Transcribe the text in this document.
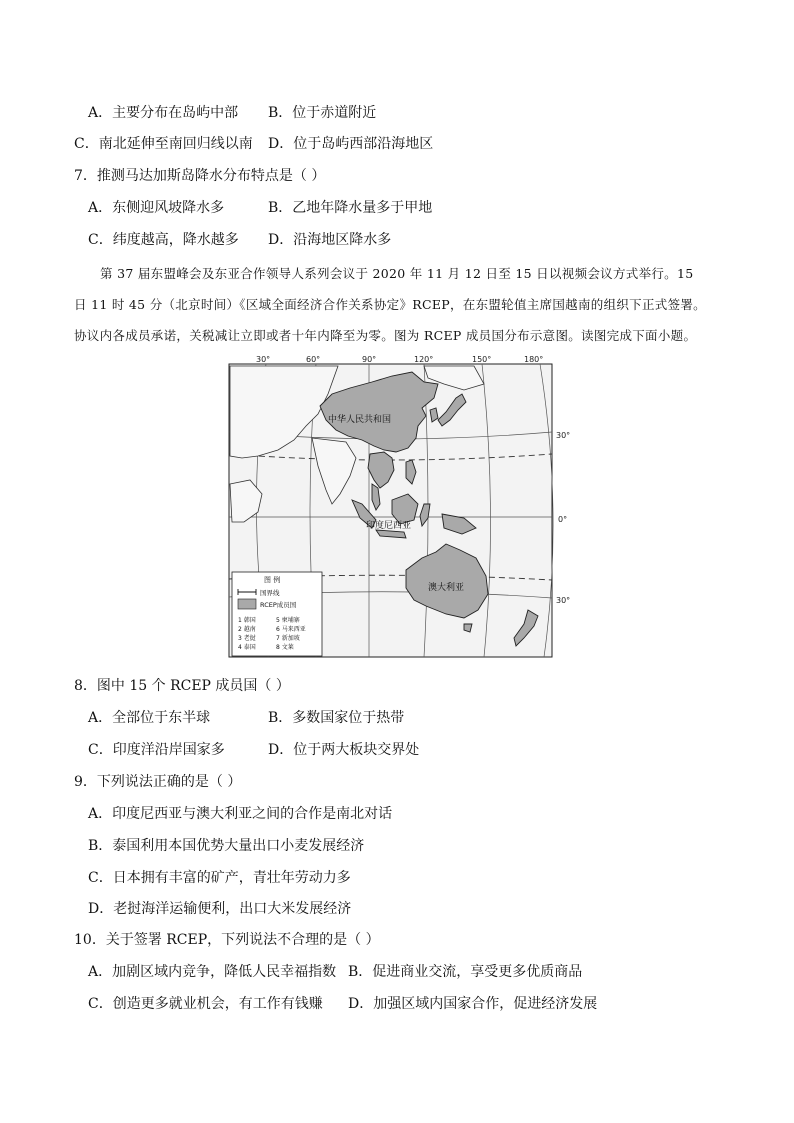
A．主要分布在岛屿中部 B．位于赤道附近
C．南北延伸至南回归线以南 D．位于岛屿西部沿海地区
7．推测马达加斯岛降水分布特点是（ ）
A．东侧迎风坡降水多	B．乙地年降水量多于甲地
C．纬度越高，降水越多 D．沿海地区降水多
第 37 届东盟峰会及东亚合作领导人系列会议于 2020 年 11 月 12 日至 15 日以视频会议方式举行。15
日 11 时 45 分（北京时间）《区域全面经济合作关系协定》RCEP，在东盟轮值主席国越南的组织下正式签署。
协议内各成员承诺，关税减让立即或者十年内降至为零。图为 RCEP 成员国分布示意图。读图完成下面小题。
30°	60°	90°	120°	150°	180°
中华人民共和国
印度尼西亚
澳大利亚
30°
0°
30°
图 例
国界线
RCEP成员国
1 韩国
2 越南
3 老挝
4 泰国
5 柬埔寨
6 马来西亚
7 新加坡
8 文莱
8．图中 15 个 RCEP 成员国（ ）
A．全部位于东半球	B．多数国家位于热带
C．印度洋沿岸国家多	D．位于两大板块交界处
9．下列说法正确的是（ ）
A．印度尼西亚与澳大利亚之间的合作是南北对话
B．泰国利用本国优势大量出口小麦发展经济
C．日本拥有丰富的矿产，青壮年劳动力多
D．老挝海洋运输便利，出口大米发展经济
10．关于签署 RCEP，下列说法不合理的是（ ）
A．加剧区域内竞争，降低人民幸福指数 B．促进商业交流，享受更多优质商品
C．创造更多就业机会，有工作有钱赚 D．加强区域内国家合作，促进经济发展
